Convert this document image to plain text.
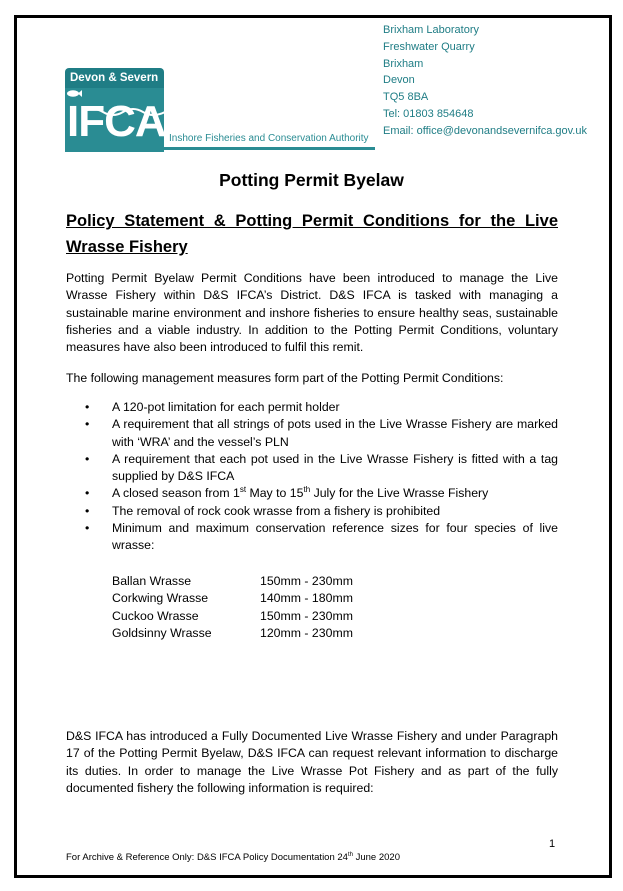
Devon & Severn
IFCA Inshore Fisheries and Conservation Authority
Brixham Laboratory
Freshwater Quarry
Brixham
Devon
TQ5 8BA
Tel: 01803 854648
Email: office@devonandsevernifca.gov.uk
Potting Permit Byelaw
Policy Statement & Potting Permit Conditions for the Live Wrasse Fishery

Potting Permit Byelaw Permit Conditions have been introduced to manage the Live Wrasse Fishery within D&S IFCA’s District. D&S IFCA is tasked with managing a sustainable marine environment and inshore fisheries to ensure healthy seas, sustainable fisheries and a viable industry. In addition to the Potting Permit Conditions, voluntary measures have also been introduced to fulfil this remit.

The following management measures form part of the Potting Permit Conditions:

• A 120-pot limitation for each permit holder
• A requirement that all strings of pots used in the Live Wrasse Fishery are marked with ‘WRA’ and the vessel’s PLN
• A requirement that each pot used in the Live Wrasse Fishery is fitted with a tag supplied by D&S IFCA
• A closed season from 1st May to 15th July for the Live Wrasse Fishery
• The removal of rock cook wrasse from a fishery is prohibited
• Minimum and maximum conservation reference sizes for four species of live wrasse:
Ballan Wrasse	150mm - 230mm
Corkwing Wrasse	140mm - 180mm
Cuckoo Wrasse	150mm - 230mm
Goldsinny Wrasse	120mm - 230mm

D&S IFCA has introduced a Fully Documented Live Wrasse Fishery and under Paragraph 17 of the Potting Permit Byelaw, D&S IFCA can request relevant information to discharge its duties. In order to manage the Live Wrasse Pot Fishery and as part of the fully documented fishery the following information is required:

1
For Archive & Reference Only: D&S IFCA Policy Documentation 24th June 2020
